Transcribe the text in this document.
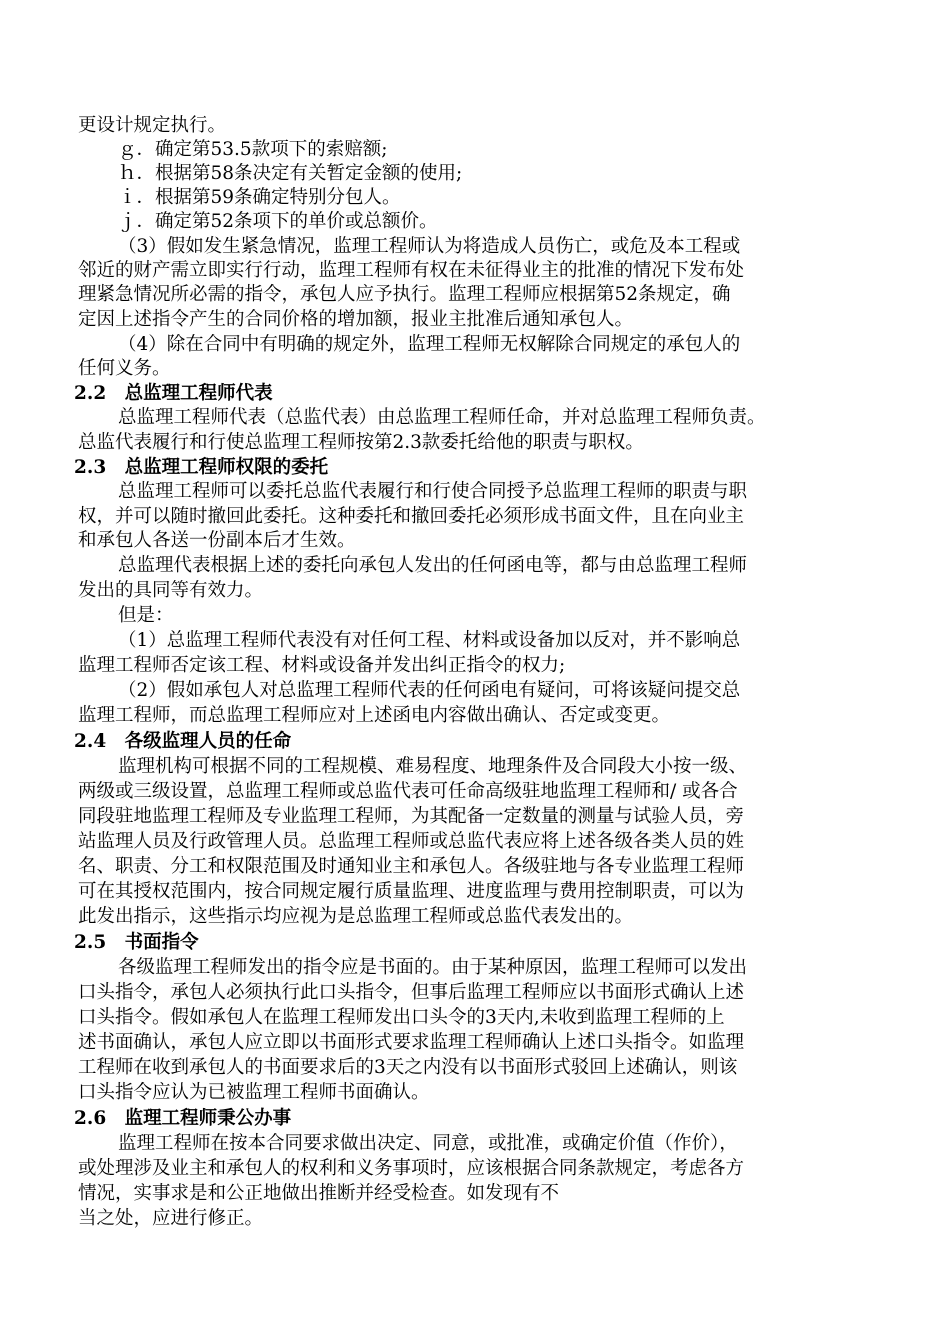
更设计规定执行。
ｇ．确定第53.5款项下的索赔额;
ｈ．根据第58条决定有关暂定金额的使用;
ｉ．根据第59条确定特别分包人。
ｊ．确定第52条项下的单价或总额价。
（3）假如发生紧急情况，监理工程师认为将造成人员伤亡，或危及本工程或
邻近的财产需立即实行行动，监理工程师有权在未征得业主的批准的情况下发布处
理紧急情况所必需的指令，承包人应予执行。监理工程师应根据第52条规定，确
定因上述指令产生的合同价格的增加额，报业主批准后通知承包人。
（4）除在合同中有明确的规定外，监理工程师无权解除合同规定的承包人的
任何义务。
2.2　总监理工程师代表
总监理工程师代表（总监代表）由总监理工程师任命，并对总监理工程师负责。
总监代表履行和行使总监理工程师按第2.3款委托给他的职责与职权。
2.3　总监理工程师权限的委托
总监理工程师可以委托总监代表履行和行使合同授予总监理工程师的职责与职
权，并可以随时撤回此委托。这种委托和撤回委托必须形成书面文件，且在向业主
和承包人各送一份副本后才生效。
总监理代表根据上述的委托向承包人发出的任何函电等，都与由总监理工程师
发出的具同等有效力。
但是：
（1）总监理工程师代表没有对任何工程、材料或设备加以反对，并不影响总
监理工程师否定该工程、材料或设备并发出纠正指令的权力;
（2）假如承包人对总监理工程师代表的任何函电有疑问，可将该疑问提交总
监理工程师，而总监理工程师应对上述函电内容做出确认、否定或变更。
2.4　各级监理人员的任命
监理机构可根据不同的工程规模、难易程度、地理条件及合同段大小按一级、
两级或三级设置，总监理工程师或总监代表可任命高级驻地监理工程师和/ 或各合
同段驻地监理工程师及专业监理工程师，为其配备一定数量的测量与试验人员，旁
站监理人员及行政管理人员。总监理工程师或总监代表应将上述各级各类人员的姓
名、职责、分工和权限范围及时通知业主和承包人。各级驻地与各专业监理工程师
可在其授权范围内，按合同规定履行质量监理、进度监理与费用控制职责，可以为
此发出指示，这些指示均应视为是总监理工程师或总监代表发出的。
2.5　书面指令
各级监理工程师发出的指令应是书面的。由于某种原因，监理工程师可以发出
口头指令，承包人必须执行此口头指令，但事后监理工程师应以书面形式确认上述
口头指令。假如承包人在监理工程师发出口头令的3天内,未收到监理工程师的上
述书面确认，承包人应立即以书面形式要求监理工程师确认上述口头指令。如监理
工程师在收到承包人的书面要求后的3天之内没有以书面形式驳回上述确认，则该
口头指令应认为已被监理工程师书面确认。
2.6　监理工程师秉公办事
监理工程师在按本合同要求做出决定、同意，或批准，或确定价值（作价），
或处理涉及业主和承包人的权利和义务事项时，应该根据合同条款规定，考虑各方
情况，实事求是和公正地做出推断并经受检查。如发现有不
当之处，应进行修正。
